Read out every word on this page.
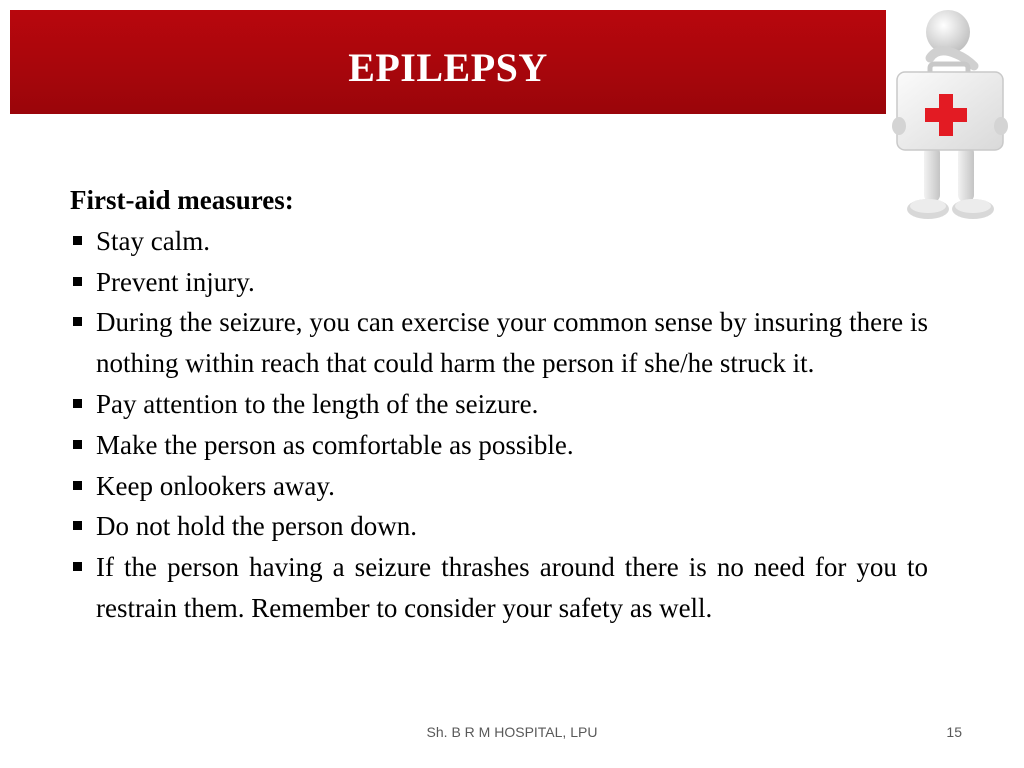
EPILEPSY

First-aid measures:

Stay calm.
Prevent injury.
During the seizure, you can exercise your common sense by insuring there is nothing within reach that could harm the person if she/he struck it.
Pay attention to the length of the seizure.
Make the person as comfortable as possible.
Keep onlookers away.
Do not hold the person down.
If the person having a seizure thrashes around there is no need for you to restrain them. Remember to consider your safety as well.
Sh. B R M HOSPITAL, LPU	15
